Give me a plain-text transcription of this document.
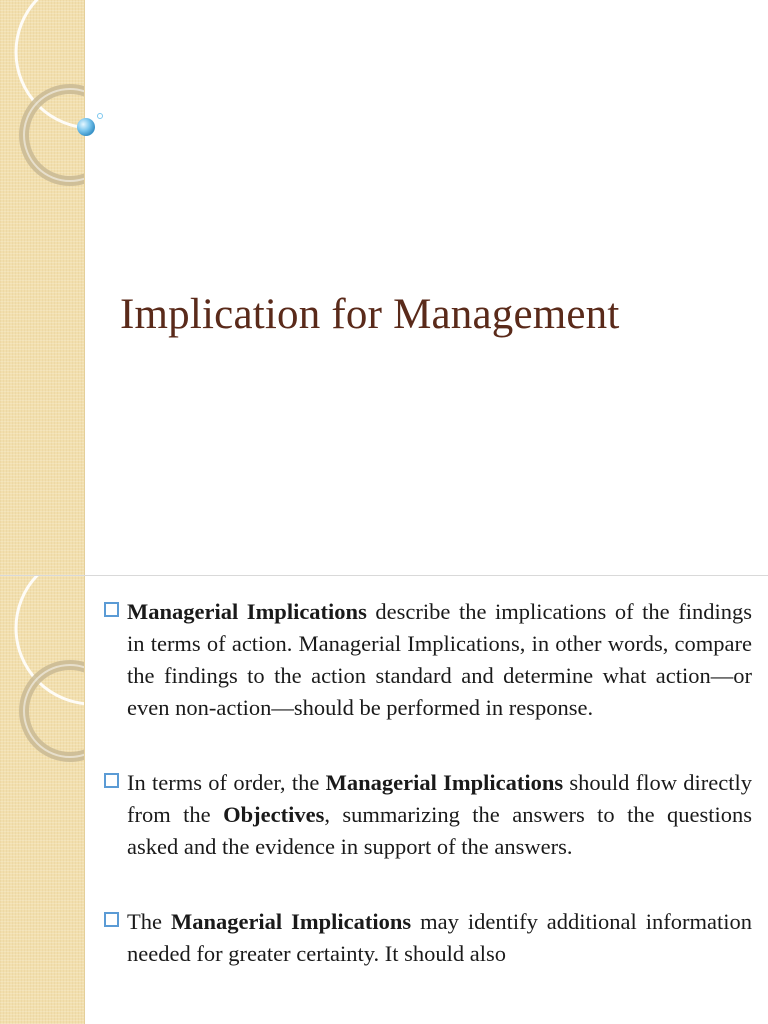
Implication for Management
Managerial Implications describe the implications of the findings in terms of action. Managerial Implications, in other words, compare the findings to the action standard and determine what action—or even non-action—should be performed in response.
In terms of order, the Managerial Implications should flow directly from the Objectives, summarizing the answers to the questions asked and the evidence in support of the answers.
The Managerial Implications may identify additional information needed for greater certainty. It should also
